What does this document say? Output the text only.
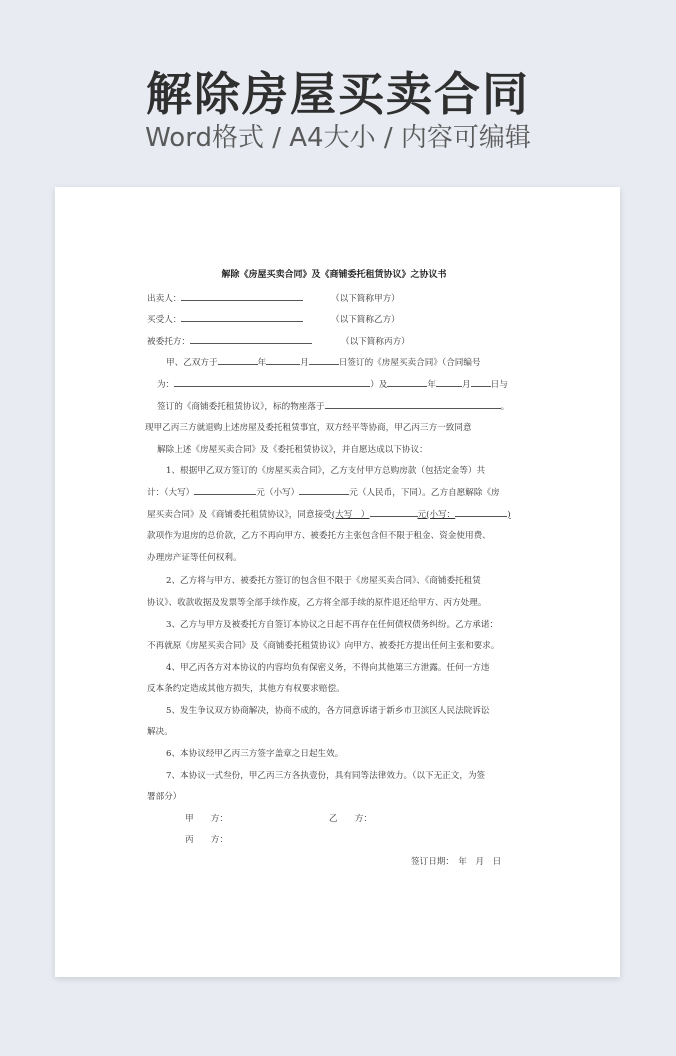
解除房屋买卖合同
Word格式 / A4大小 / 内容可编辑
解除《房屋买卖合同》及《商铺委托租赁协议》之协议书
出卖人：	（以下简称甲方）
买受人：	（以下简称乙方）
被委托方：	（以下简称丙方）
甲、乙双方于	年	月	日签订的《房屋买卖合同》（合同编号
为：	）及	年	月 日与
签订的《商铺委托租赁协议》，标的物座落于	。
现甲乙丙三方就退购上述房屋及委托租赁事宜，双方经平等协商，甲乙丙三方一致同意
解除上述《房屋买卖合同》及《委托租赁协议》，并自愿达成以下协议：
1、根据甲乙双方签订的《房屋买卖合同》，乙方支付甲方总购房款（包括定金等）共
计：（大写）	元（小写）	元（人民币，下同）。乙方自愿解除《房
屋买卖合同》及《商铺委托租赁协议》，同意接受(大写　）	元(小写：	)
款项作为退房的总价款，乙方不再向甲方、被委托方主张包含但不限于租金、资金使用费、
办理房产证等任何权利。
2、乙方将与甲方、被委托方签订的包含但不限于《房屋买卖合同》、《商铺委托租赁
协议》、收款收据及发票等全部手续作废，乙方将全部手续的原件退还给甲方、丙方处理。
3、乙方与甲方及被委托方自签订本协议之日起不再存在任何债权债务纠纷。乙方承诺：
不再就原《房屋买卖合同》及《商铺委托租赁协议》向甲方、被委托方提出任何主张和要求。
4、甲乙丙各方对本协议的内容均负有保密义务，不得向其他第三方泄露。任何一方违
反本条约定造成其他方损失，其他方有权要求赔偿。
5、发生争议双方协商解决，协商不成的，各方同意诉诸于新乡市卫滨区人民法院诉讼
解决。
6、本协议经甲乙丙三方签字盖章之日起生效。
7、本协议一式叁份，甲乙丙三方各执壹份，具有同等法律效力。（以下无正文，为签
署部分）
甲　　方：	乙　　方：
丙　　方：
签订日期：　年　月　日
